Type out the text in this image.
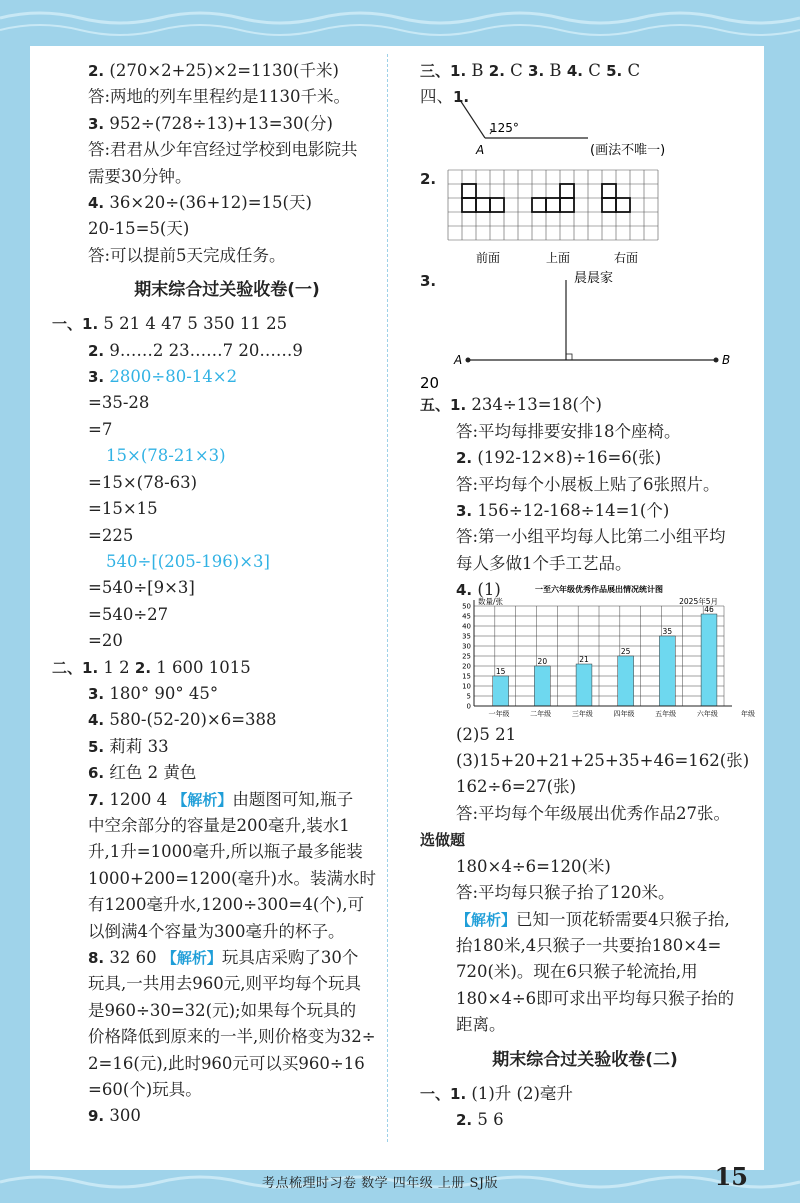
2. (270×2+25)×2=1130(千米)
答:两地的列车里程约是1130千米。
3. 952÷(728÷13)+13=30(分)
答:君君从少年宫经过学校到电影院共
需要30分钟。
4. 36×20÷(36+12)=15(天)
20-15=5(天)
答:可以提前5天完成任务。
期末综合过关验收卷(一)
一、1. 5 21 4 47 5 350 11 25
2. 9……2 23……7 20……9
3. 2800÷80-14×2
=35-28
=7
15×(78-21×3)
=15×(78-63)
=15×15
=225
540÷[(205-196)×3]
=540÷[9×3]
=540÷27
=20
二、1. 1 2 2. 1 600 1015
3. 180° 90° 45°
4. 580-(52-20)×6=388
5. 莉莉 33
6. 红色 2 黄色
7. 1200 4 【解析】由题图可知,瓶子
中空余部分的容量是200毫升,装水1
升,1升=1000毫升,所以瓶子最多能装
1000+200=1200(毫升)水。装满水时
有1200毫升水,1200÷300=4(个),可
以倒满4个容量为300毫升的杯子。
8. 32 60 【解析】玩具店采购了30个
玩具,一共用去960元,则平均每个玩具
是960÷30=32(元);如果每个玩具的
价格降低到原来的一半,则价格变为32÷
2=16(元),此时960元可以买960÷16
=60(个)玩具。
9. 300
三、1. B 2. C 3. B 4. C 5. C
四、1.
125°
A	(画法不唯一)
2.
前面	上面	右面
3.	晨晨家
A	B
20
五、1. 234÷13=18(个)
答:平均每排要安排18个座椅。
2. (192-12×8)÷16=6(张)
答:平均每个小展板上贴了6张照片。
3. 156÷12-168÷14=1(个)
答:第一小组平均每人比第二小组平均
每人多做1个手工艺品。
4. (1)	一至六年级优秀作品展出情况统计图
数量/张	2025年5月
0
5
10
15
20
25
30
35
40
45
50
15
一年级
20
二年级
21
三年级
25
四年级
35
五年级
46
六年级	年级
(2)5 21
(3)15+20+21+25+35+46=162(张)
162÷6=27(张)
答:平均每个年级展出优秀作品27张。
选做题
180×4÷6=120(米)
答:平均每只猴子抬了120米。
【解析】已知一顶花轿需要4只猴子抬,
抬180米,4只猴子一共要抬180×4=
720(米)。现在6只猴子轮流抬,用
180×4÷6即可求出平均每只猴子抬的
距离。
期末综合过关验收卷(二)
一、1. (1)升 (2)毫升
2. 5 6
考点梳理时习卷 数学 四年级 上册 SJ版	15
